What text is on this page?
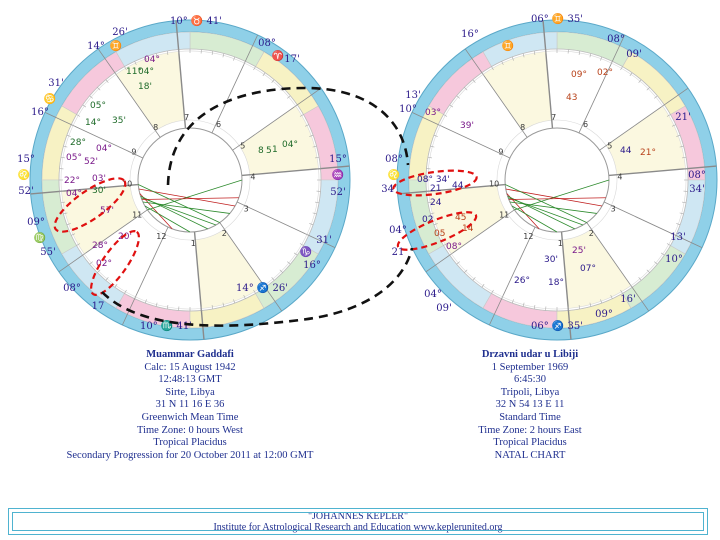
10
11
12
1
2
3
4
5
6
7
8
9
10° ♉ 41'
14° ♊
26'
08°
♈ 17'
31'
♋
16°
15°
♌
52'
15°
♒
52'
09°
♍
55'
31'
♑
16°
08°
17
14° ♐ 26'
10° ♏ 41'
05°
14° 35'
28°
04°
05° 52'
22° 03'
04° 30'
11°
04°
18'
04°
28°
20'
02°
57'
8 5 1 04°
10
11
12
1
2
3
4
5
6
7
8
9
06° ♊ 35'
16°
♊
08°
09'
13'
10°
21'
08°
♌
34'
08°
34'
04°
21
13'
10°
04°
09'
16'
09°
06° ♐ 35'
09° 02°
43
03°
39'
08° 34'
21 44
24
02
05
45
14
08°	25'
07°
26°
30'
18°
44 21°
Muammar Gaddafi
Calc: 15 August 1942
12:48:13 GMT
Sirte, Libya
31 N 11 16 E 36
Greenwich Mean Time
Time Zone: 0 hours West
Tropical Placidus
Secondary Progression for 20 October 2011 at 12:00 GMT
Drzavni udar u Libiji
1 September 1969
6:45:30
Tripoli, Libya
32 N 54 13 E 11
Standard Time
Time Zone: 2 hours East
Tropical Placidus
NATAL CHART
"JOHANNES KEPLER"
Institute for Astrological Research and Education www.keplerunited.org
